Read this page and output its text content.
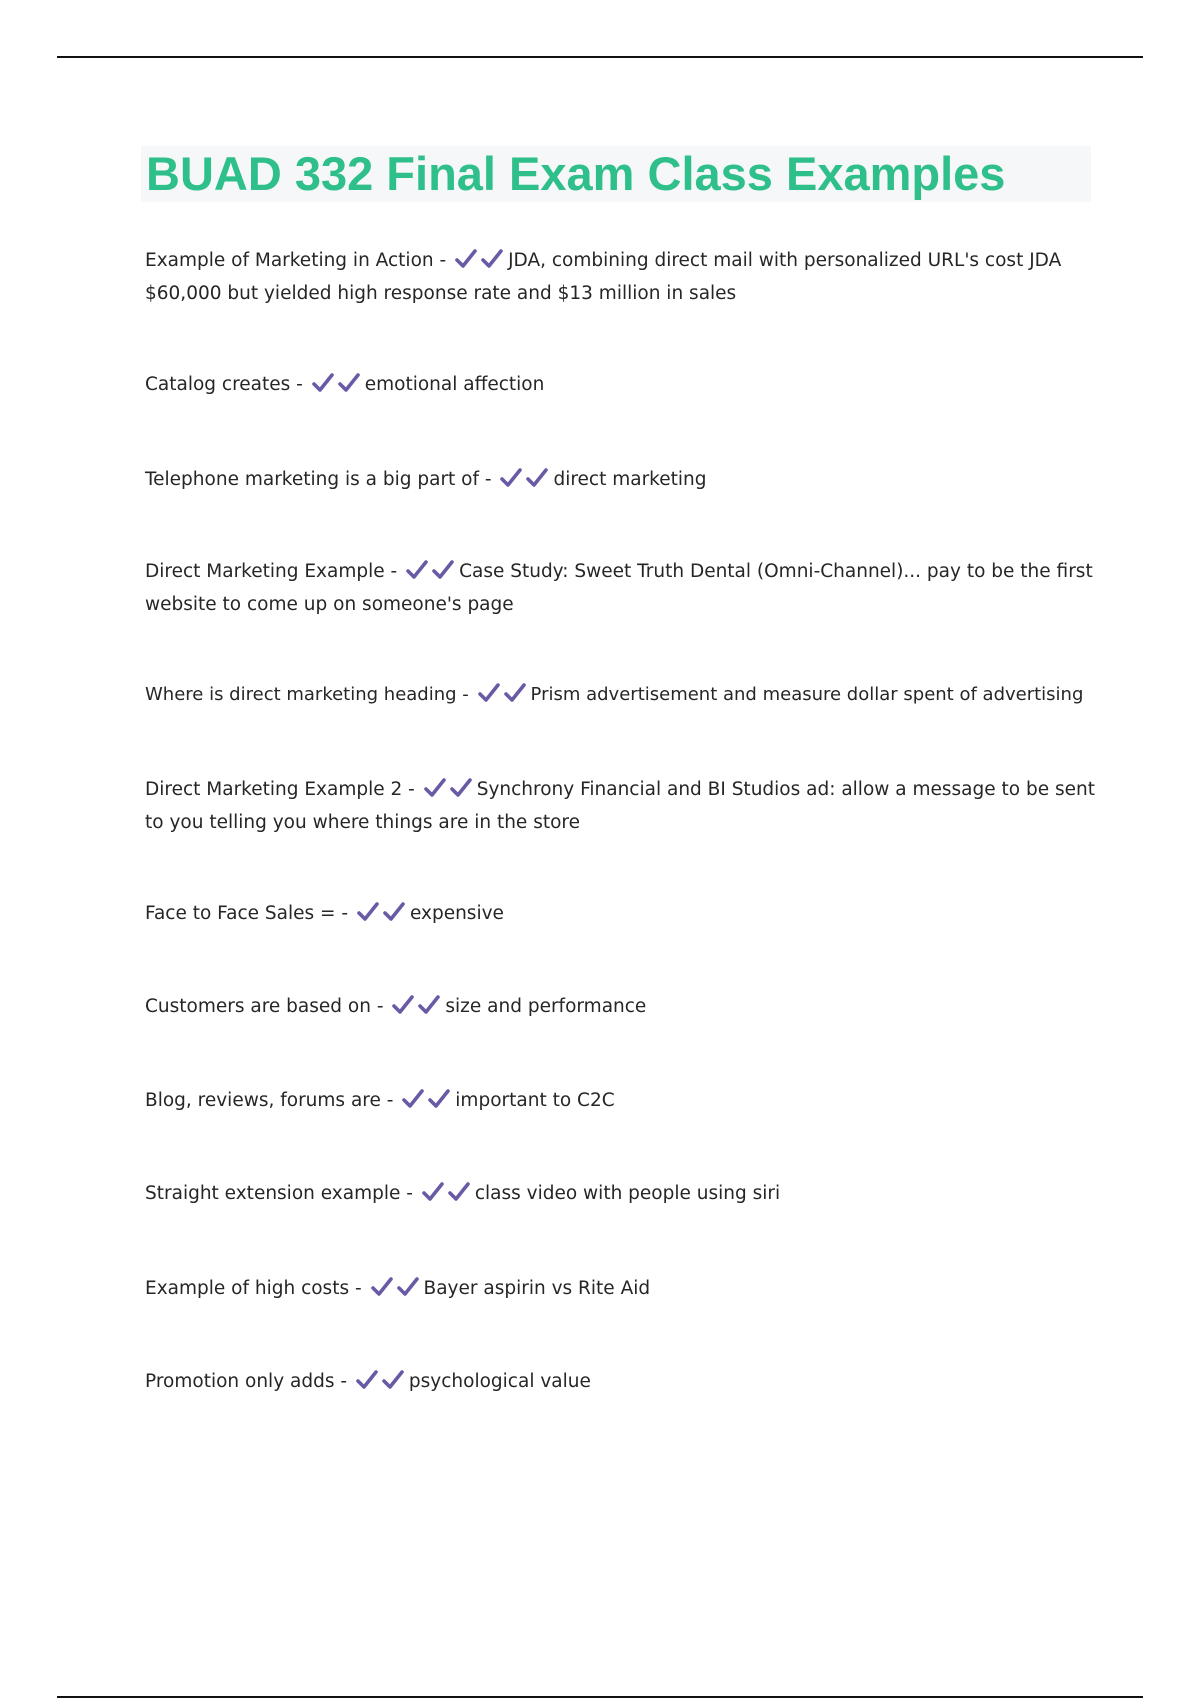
BUAD 332 Final Exam Class Examples
Example of Marketing in Action -	JDA, combining direct mail with personalized URL's cost JDA $60,000 but yielded high response rate and $13 million in sales
Catalog creates -	emotional affection
Telephone marketing is a big part of -	direct marketing
Direct Marketing Example -	Case Study: Sweet Truth Dental (Omni-Channel)... pay to be the first website to come up on someone's page
Where is direct marketing heading -	Prism advertisement and measure dollar spent of advertising
Direct Marketing Example 2 -	Synchrony Financial and BI Studios ad: allow a message to be sent to you telling you where things are in the store
Face to Face Sales = -	expensive
Customers are based on -	size and performance
Blog, reviews, forums are -	important to C2C
Straight extension example -	class video with people using siri
Example of high costs -	Bayer aspirin vs Rite Aid
Promotion only adds -	psychological value
